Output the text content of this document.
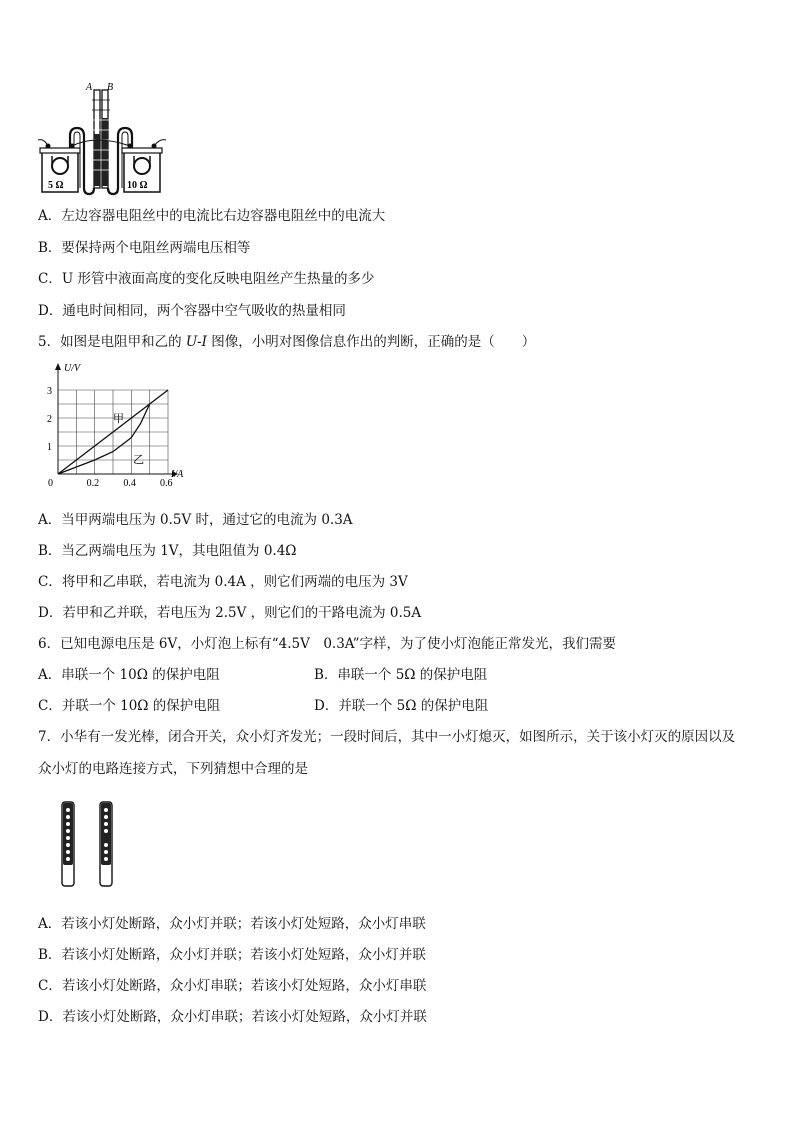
A B
5 Ω	10 Ω
A．左边容器电阻丝中的电流比右边容器电阻丝中的电流大
B．要保持两个电阻丝两端电压相等
C．U 形管中液面高度的变化反映电阻丝产生热量的多少
D．通电时间相同，两个容器中空气吸收的热量相同
5．如图是电阻甲和乙的 U-I 图像，小明对图像信息作出的判断，正确的是（　　）
0.2 0.4 0.6
1
2
3
甲
乙
U/V
I/A
0
A．当甲两端电压为 0.5V 时，通过它的电流为 0.3A
B．当乙两端电压为 1V，其电阻值为 0.4Ω
C．将甲和乙串联，若电流为 0.4A ，则它们两端的电压为 3V
D．若甲和乙并联，若电压为 2.5V ，则它们的干路电流为 0.5A
6．已知电源电压是 6V，小灯泡上标有“4.5V　0.3A”字样，为了使小灯泡能正常发光，我们需要
A．串联一个 10Ω 的保护电阻	B．串联一个 5Ω 的保护电阻
C．并联一个 10Ω 的保护电阻	D．并联一个 5Ω 的保护电阻
7．小华有一发光棒，闭合开关，众小灯齐发光；一段时间后，其中一小灯熄灭，如图所示，关于该小灯灭的原因以及
众小灯的电路连接方式，下列猜想中合理的是
A．若该小灯处断路，众小灯并联；若该小灯处短路，众小灯串联
B．若该小灯处断路，众小灯并联；若该小灯处短路，众小灯并联
C．若该小灯处断路，众小灯串联；若该小灯处短路，众小灯串联
D．若该小灯处断路，众小灯串联；若该小灯处短路，众小灯并联
